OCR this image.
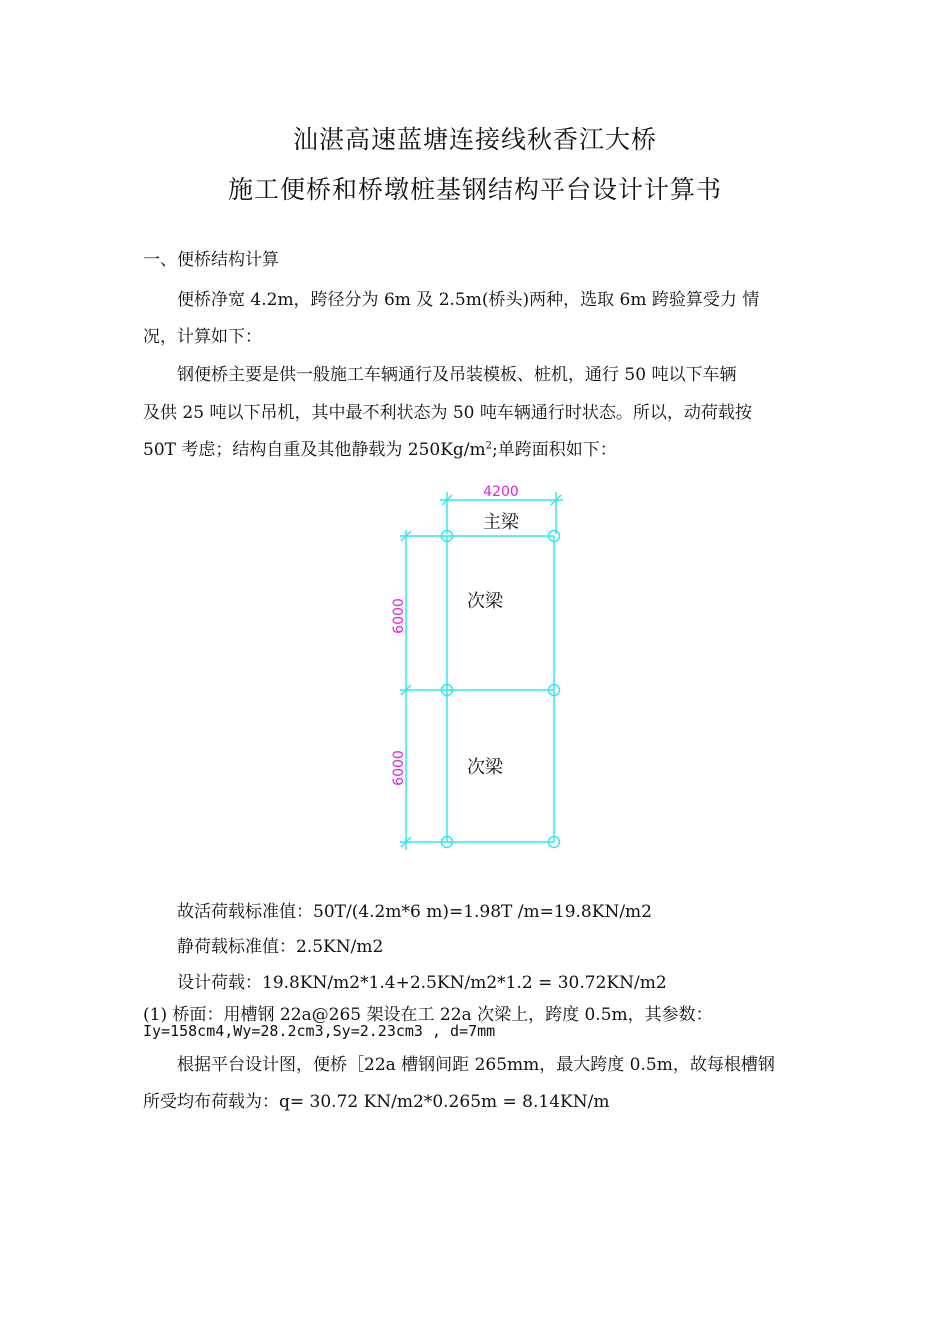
汕湛高速蓝塘连接线秋香江大桥
施工便桥和桥墩桩基钢结构平台设计计算书
一、便桥结构计算
便桥净宽 4.2m，跨径分为 6m 及 2.5m(桥头)两种，选取 6m 跨验算受力 情
况，计算如下：
钢便桥主要是供一般施工车辆通行及吊装模板、桩机，通行 50 吨以下车辆
及供 25 吨以下吊机，其中最不利状态为 50 吨车辆通行时状态。所以，动荷载按
50T 考虑；结构自重及其他静载为 $250Kg/m^2$;单跨面积如下：
4200
主梁
次梁
次梁
6000
6000
故活荷载标准值：50T/(4.2m*6 m)=1.98T /m=19.8KN/m2
静荷载标准值：2.5KN/m2
设计荷载：19.8KN/m2*1.4+2.5KN/m2*1.2 = 30.72KN/m2
(1) 桥面：用槽钢 22a@265 架设在工 22a 次梁上，跨度 0.5m，其参数：
Iy=158cm4,Wy=28.2cm3,Sy=2.23cm3 , d=7mm
根据平台设计图，便桥［22a 槽钢间距 265mm，最大跨度 0.5m，故每根槽钢
所受均布荷载为：q= 30.72 KN/m2*0.265m = 8.14KN/m
